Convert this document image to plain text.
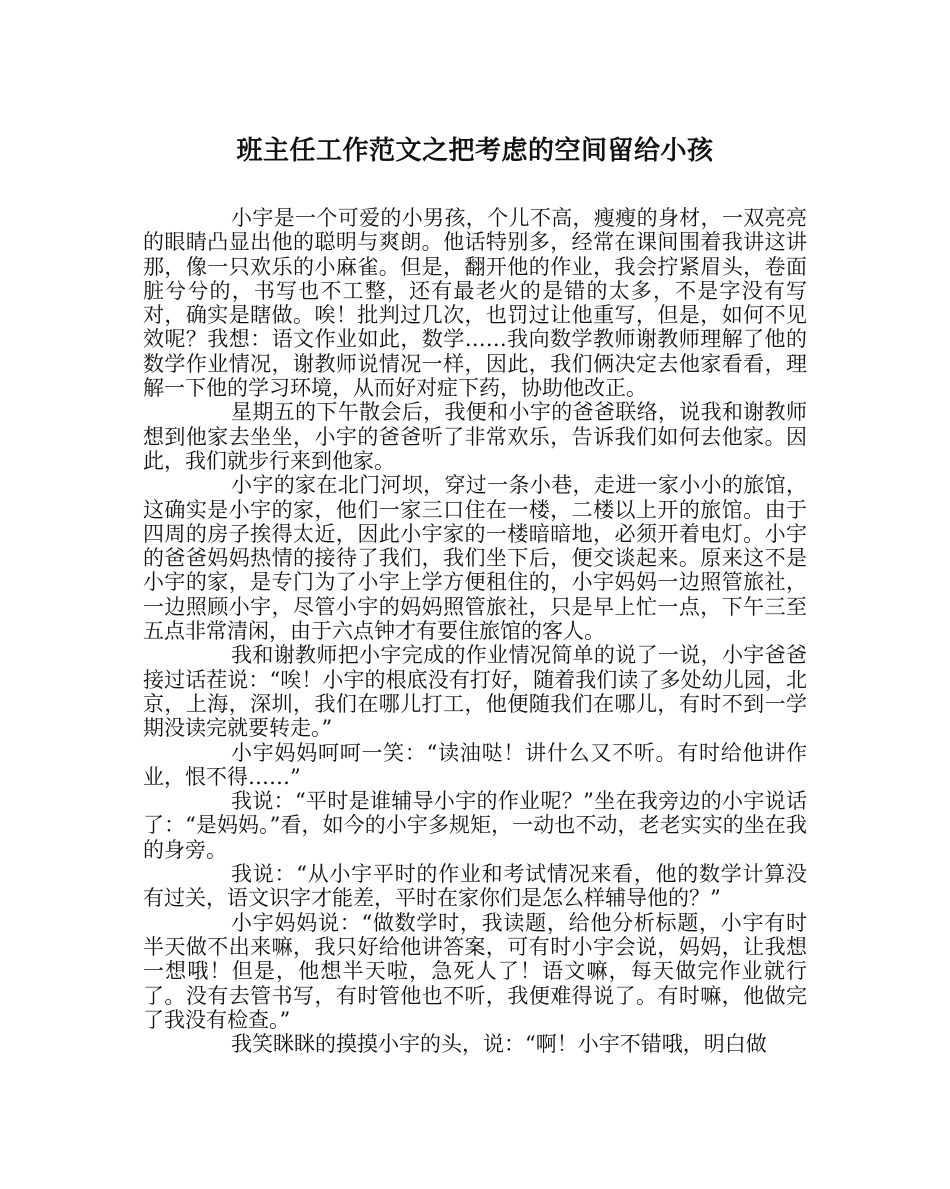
班主任工作范文之把考虑的空间留给小孩

小宇是一个可爱的小男孩，个儿不高，瘦瘦的身材，一双亮亮的眼睛凸显出他的聪明与爽朗。他话特别多，经常在课间围着我讲这讲那，像一只欢乐的小麻雀。但是，翻开他的作业，我会拧紧眉头，卷面脏兮兮的，书写也不工整，还有最老火的是错的太多，不是字没有写对，确实是瞎做。唉！批判过几次，也罚过让他重写，但是，如何不见效呢？我想：语文作业如此，数学……我向数学教师谢教师理解了他的数学作业情况，谢教师说情况一样，因此，我们俩决定去他家看看，理解一下他的学习环境，从而好对症下药，协助他改正。

星期五的下午散会后，我便和小宇的爸爸联络，说我和谢教师想到他家去坐坐，小宇的爸爸听了非常欢乐，告诉我们如何去他家。因此，我们就步行来到他家。

小宇的家在北门河坝，穿过一条小巷，走进一家小小的旅馆，这确实是小宇的家，他们一家三口住在一楼，二楼以上开的旅馆。由于四周的房子挨得太近，因此小宇家的一楼暗暗地，必须开着电灯。小宇的爸爸妈妈热情的接待了我们，我们坐下后，便交谈起来。原来这不是小宇的家，是专门为了小宇上学方便租住的，小宇妈妈一边照管旅社，一边照顾小宇，尽管小宇的妈妈照管旅社，只是早上忙一点，下午三至五点非常清闲，由于六点钟才有要住旅馆的客人。

我和谢教师把小宇完成的作业情况简单的说了一说，小宇爸爸接过话茬说：“唉！小宇的根底没有打好，随着我们读了多处幼儿园，北京，上海，深圳，我们在哪儿打工，他便随我们在哪儿，有时不到一学期没读完就要转走。”

小宇妈妈呵呵一笑：“读油哒！讲什么又不听。有时给他讲作业，恨不得……”

我说：“平时是谁辅导小宇的作业呢？”坐在我旁边的小宇说话了：“是妈妈。”看，如今的小宇多规矩，一动也不动，老老实实的坐在我的身旁。

我说：“从小宇平时的作业和考试情况来看，他的数学计算没有过关，语文识字才能差，平时在家你们是怎么样辅导他的？”

小宇妈妈说：“做数学时，我读题，给他分析标题，小宇有时半天做不出来嘛，我只好给他讲答案，可有时小宇会说，妈妈，让我想一想哦！但是，他想半天啦，急死人了！语文嘛，每天做完作业就行了。没有去管书写，有时管他也不听，我便难得说了。有时嘛，他做完了我没有检查。”

我笑眯眯的摸摸小宇的头，说：“啊！小宇不错哦，明白做
